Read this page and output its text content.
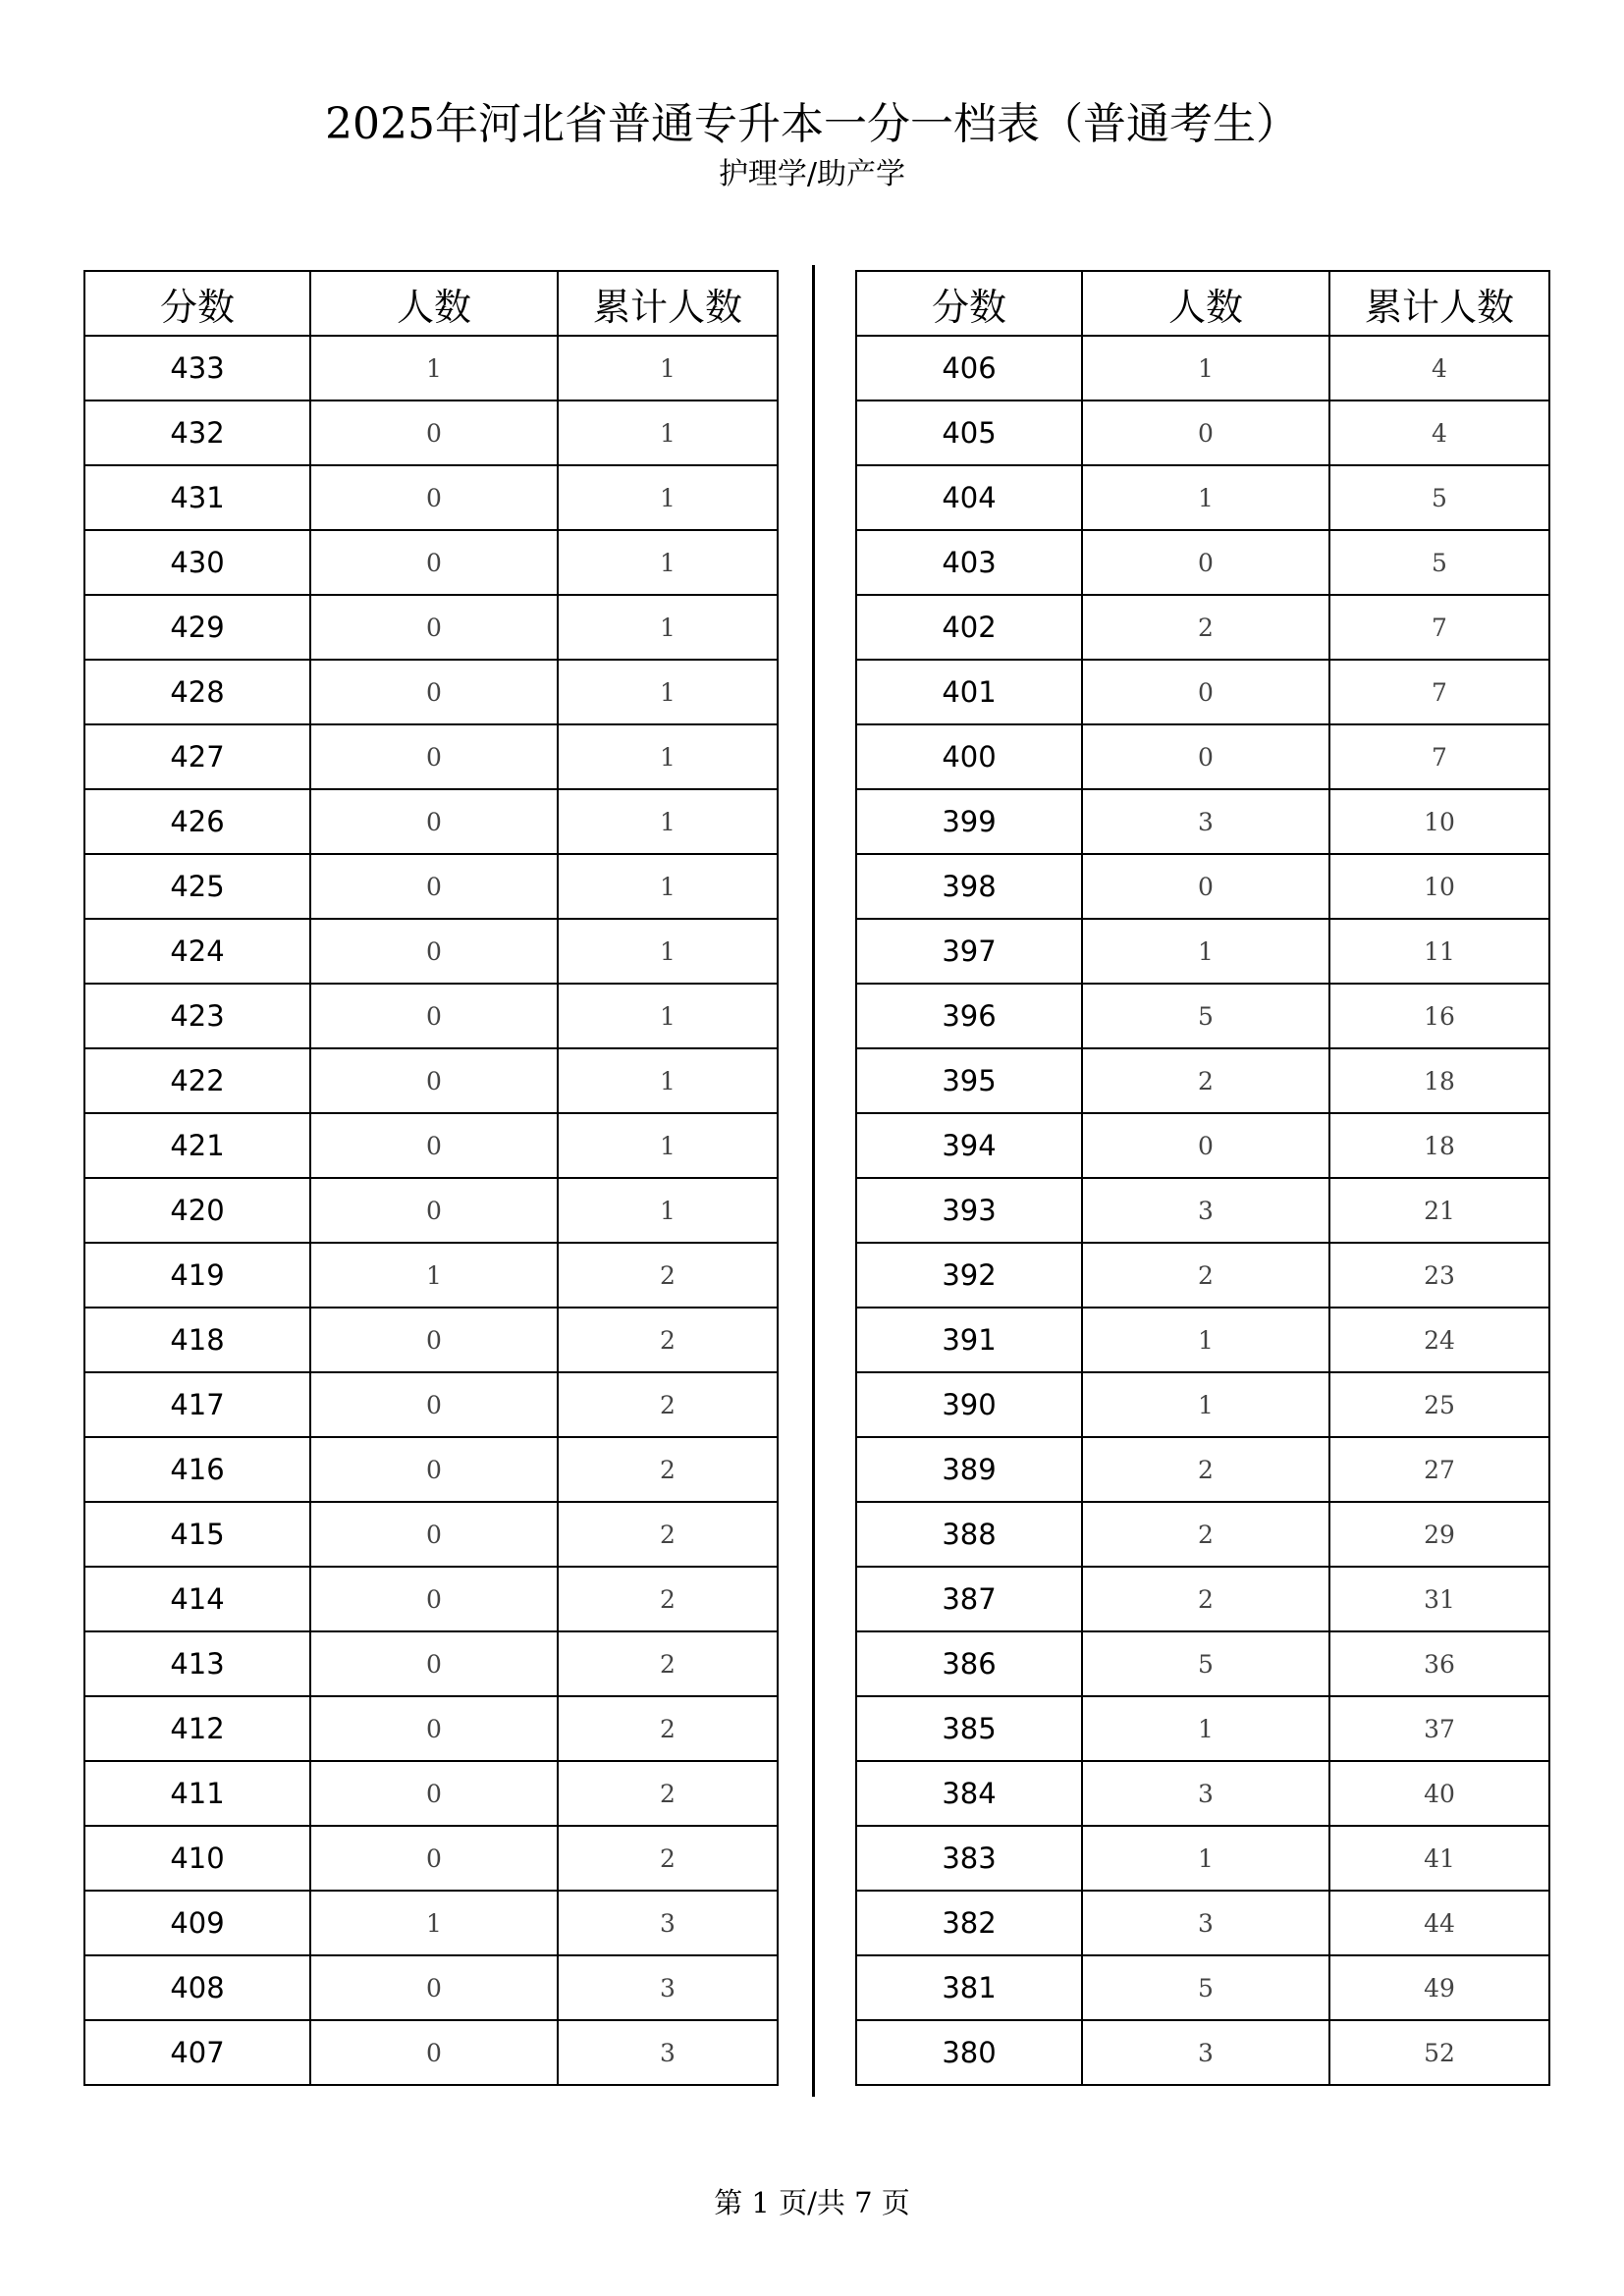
2025年河北省普通专升本一分一档表（普通考生）
护理学/助产学
分数	人数	累计人数
433	1	1
432	0	1
431	0	1
430	0	1
429	0	1
428	0	1
427	0	1
426	0	1
425	0	1
424	0	1
423	0	1
422	0	1
421	0	1
420	0	1
419	1	2
418	0	2
417	0	2
416	0	2
415	0	2
414	0	2
413	0	2
412	0	2
411	0	2
410	0	2
409	1	3
408	0	3
407	0	3
分数	人数	累计人数
406	1	4
405	0	4
404	1	5
403	0	5
402	2	7
401	0	7
400	0	7
399	3	10
398	0	10
397	1	11
396	5	16
395	2	18
394	0	18
393	3	21
392	2	23
391	1	24
390	1	25
389	2	27
388	2	29
387	2	31
386	5	36
385	1	37
384	3	40
383	1	41
382	3	44
381	5	49
380	3	52
第 1 页/共 7 页
